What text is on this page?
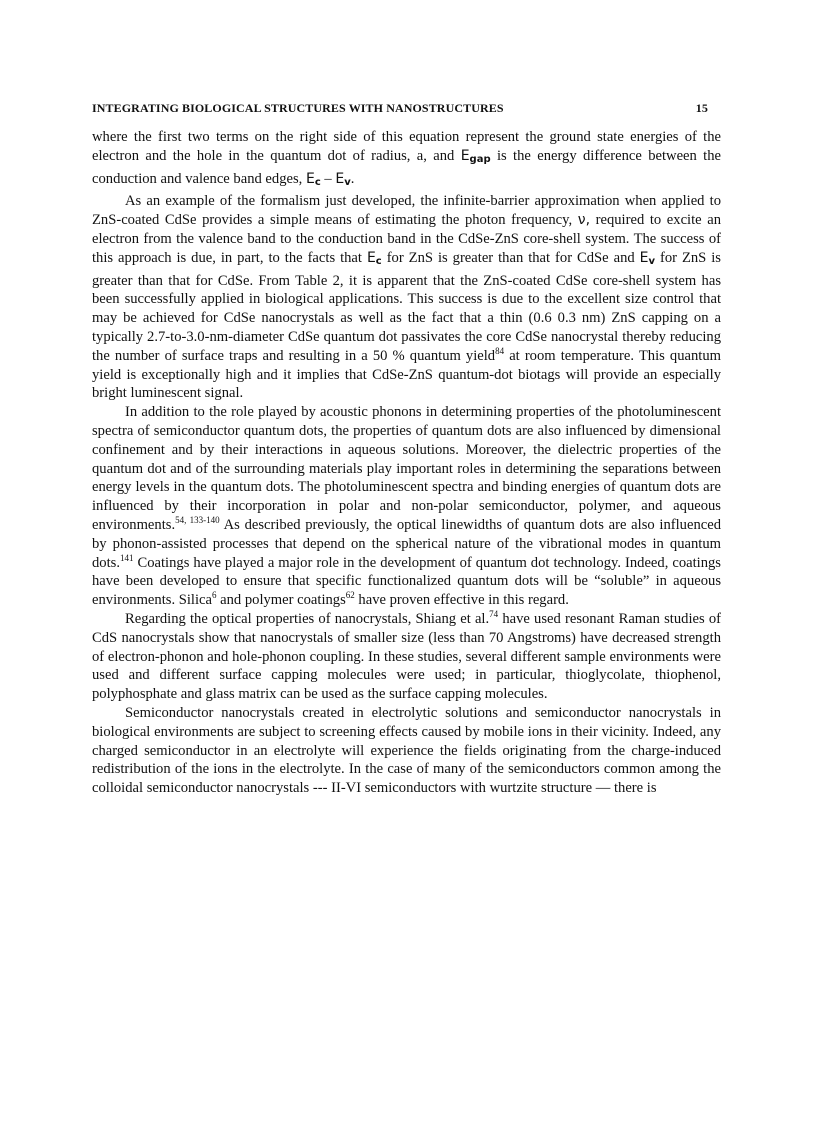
INTEGRATING BIOLOGICAL STRUCTURES WITH NANOSTRUCTURES	15

where the first two terms on the right side of this equation represent the ground state energies of the electron and the hole in the quantum dot of radius, a, and Egap is the energy difference between the conduction and valence band edges, Ec – Ev.

As an example of the formalism just developed, the infinite-barrier approximation when applied to ZnS-coated CdSe provides a simple means of estimating the photon frequency, ν, required to excite an electron from the valence band to the conduction band in the CdSe-ZnS core-shell system. The success of this approach is due, in part, to the facts that Ec for ZnS is greater than that for CdSe and Ev for ZnS is greater than that for CdSe. From Table 2, it is apparent that the ZnS-coated CdSe core-shell system has been successfully applied in biological applications. This success is due to the excellent size control that may be achieved for CdSe nanocrystals as well as the fact that a thin (0.6 0.3 nm) ZnS capping on a typically 2.7-to-3.0-nm-diameter CdSe quantum dot passivates the core CdSe nanocrystal thereby reducing the number of surface traps and resulting in a 50 % quantum yield$^{84}$ at room temperature. This quantum yield is exceptionally high and it implies that CdSe-ZnS quantum-dot biotags will provide an especially bright luminescent signal.

In addition to the role played by acoustic phonons in determining properties of the photoluminescent spectra of semiconductor quantum dots, the properties of quantum dots are also influenced by dimensional confinement and by their interactions in aqueous solutions. Moreover, the dielectric properties of the quantum dot and of the surrounding materials play important roles in determining the separations between energy levels in the quantum dots. The photoluminescent spectra and binding energies of quantum dots are influenced by their incorporation in polar and non-polar semiconductor, polymer, and aqueous environments.$^{54, 133-140}$ As described previously, the optical linewidths of quantum dots are also influenced by phonon-assisted processes that depend on the spherical nature of the vibrational modes in quantum dots.$^{141}$ Coatings have played a major role in the development of quantum dot technology. Indeed, coatings have been developed to ensure that specific functionalized quantum dots will be “soluble” in aqueous environments. Silica$^6$ and polymer coatings$^{62}$ have proven effective in this regard.

Regarding the optical properties of nanocrystals, Shiang et al.$^{74}$ have used resonant Raman studies of CdS nanocrystals show that nanocrystals of smaller size (less than 70 Angstroms) have decreased strength of electron-phonon and hole-phonon coupling. In these studies, several different sample environments were used and different surface capping molecules were used; in particular, thioglycolate, thiophenol, polyphosphate and glass matrix can be used as the surface capping molecules.

Semiconductor nanocrystals created in electrolytic solutions and semiconductor nanocrystals in biological environments are subject to screening effects caused by mobile ions in their vicinity. Indeed, any charged semiconductor in an electrolyte will experience the fields originating from the charge-induced redistribution of the ions in the electrolyte. In the case of many of the semiconductors common among the colloidal semiconductor nanocrystals --- II-VI semiconductors with wurtzite structure — there is
